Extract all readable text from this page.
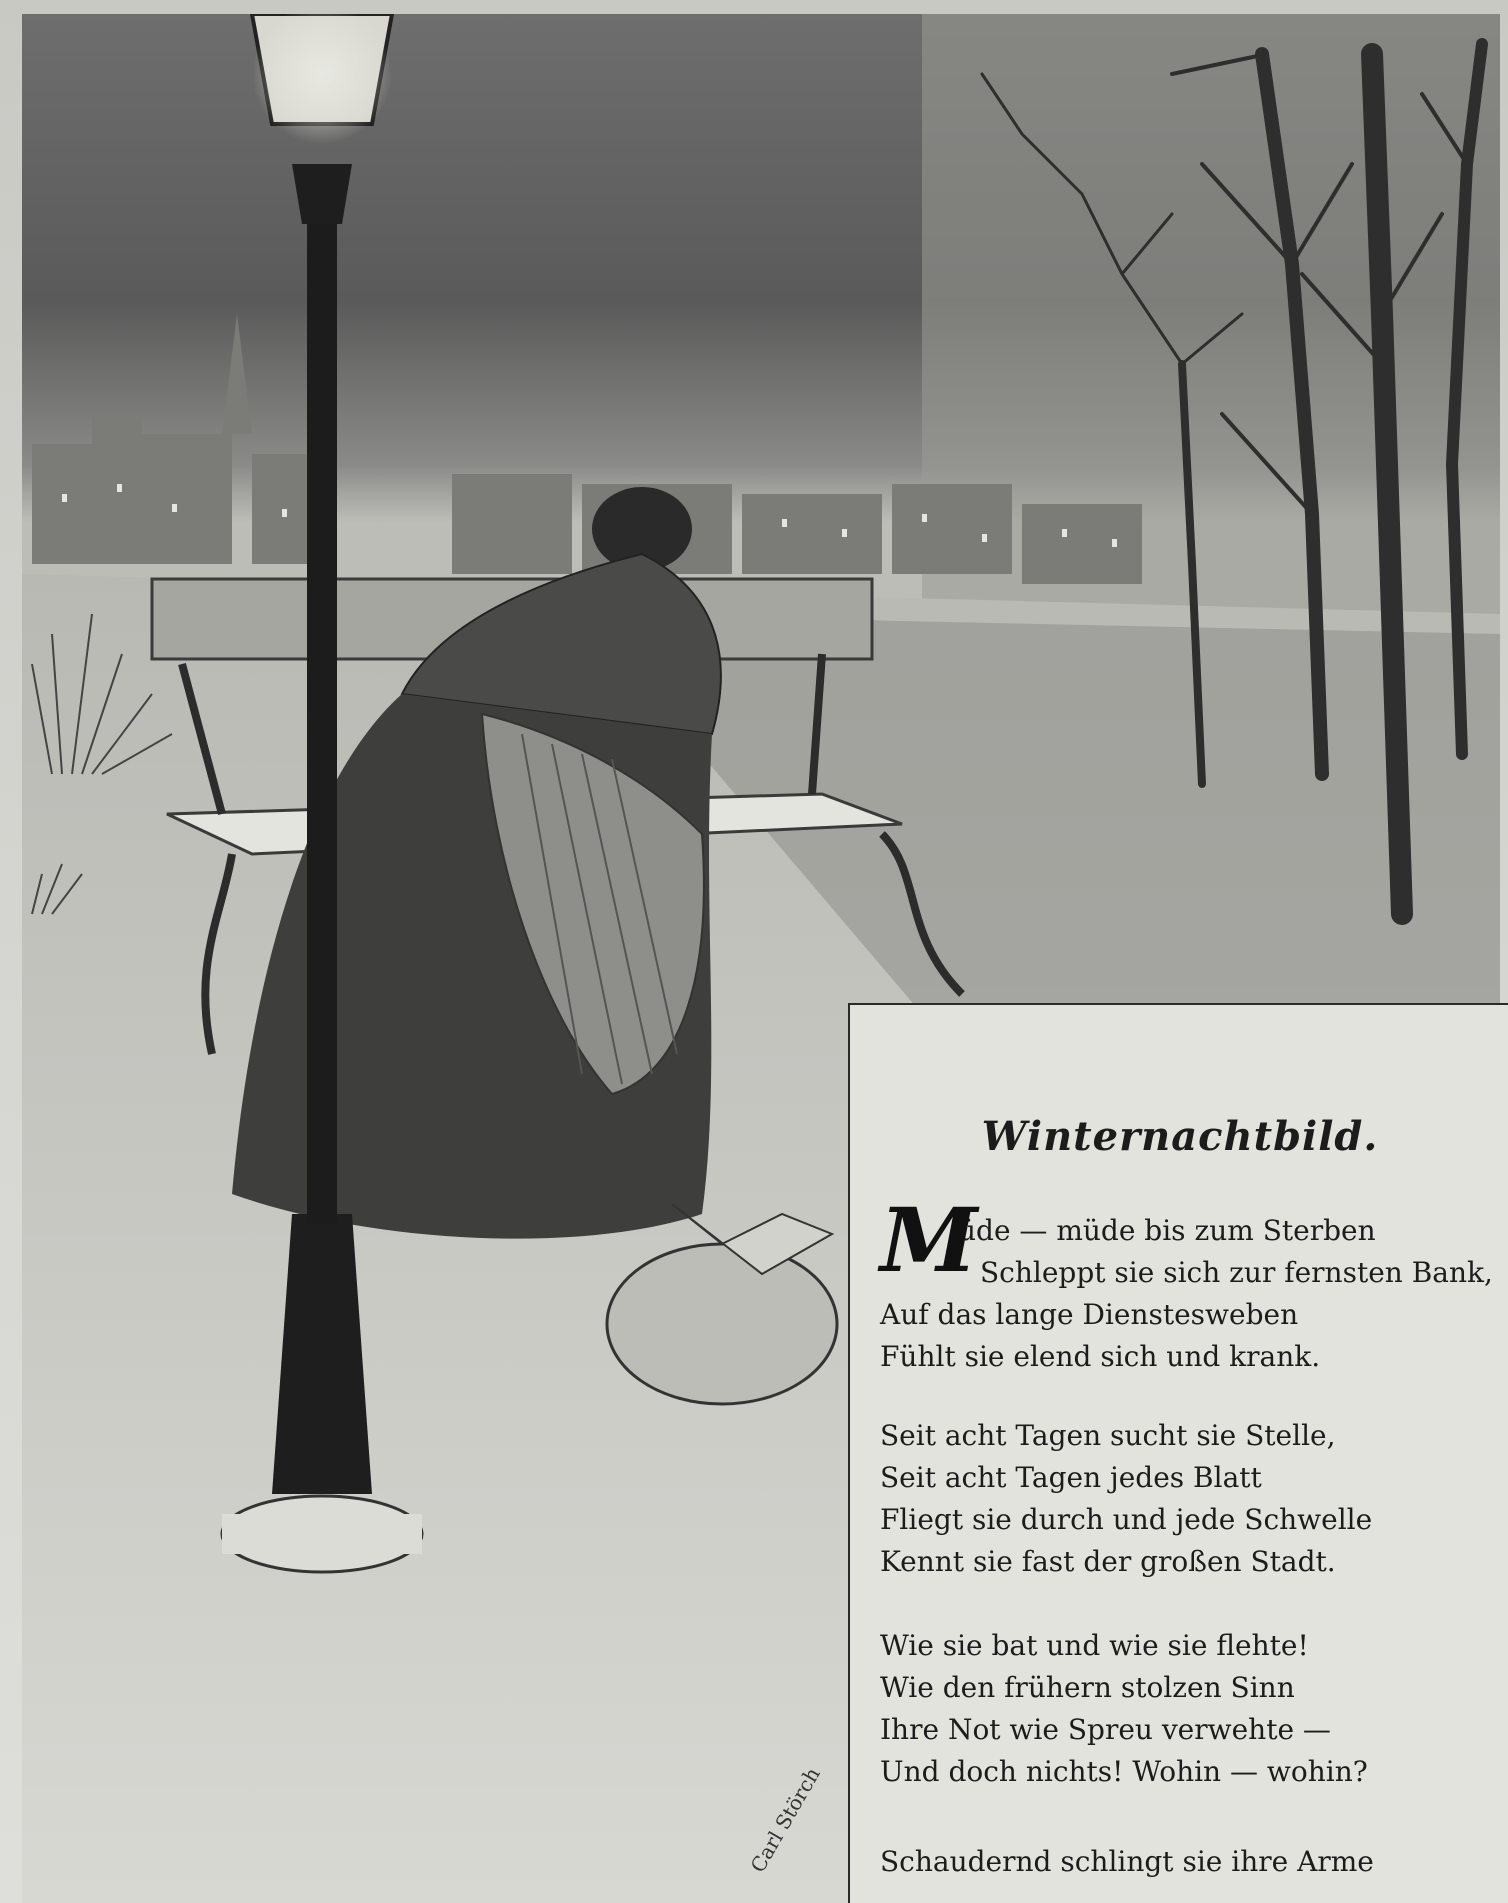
Carl Störch
Winternachtbild.
M
üde — müde bis zum Sterben
Schleppt sie sich zur fernsten Bank,
Auf das lange Dienstesweben
Fühlt sie elend sich und krank.
Seit acht Tagen sucht sie Stelle,
Seit acht Tagen jedes Blatt
Fliegt sie durch und jede Schwelle
Kennt sie fast der großen Stadt.
Wie sie bat und wie sie flehte!
Wie den frühern stolzen Sinn
Ihre Not wie Spreu verwehte —
Und doch nichts! Wohin — wohin?
Schaudernd schlingt sie ihre Arme
